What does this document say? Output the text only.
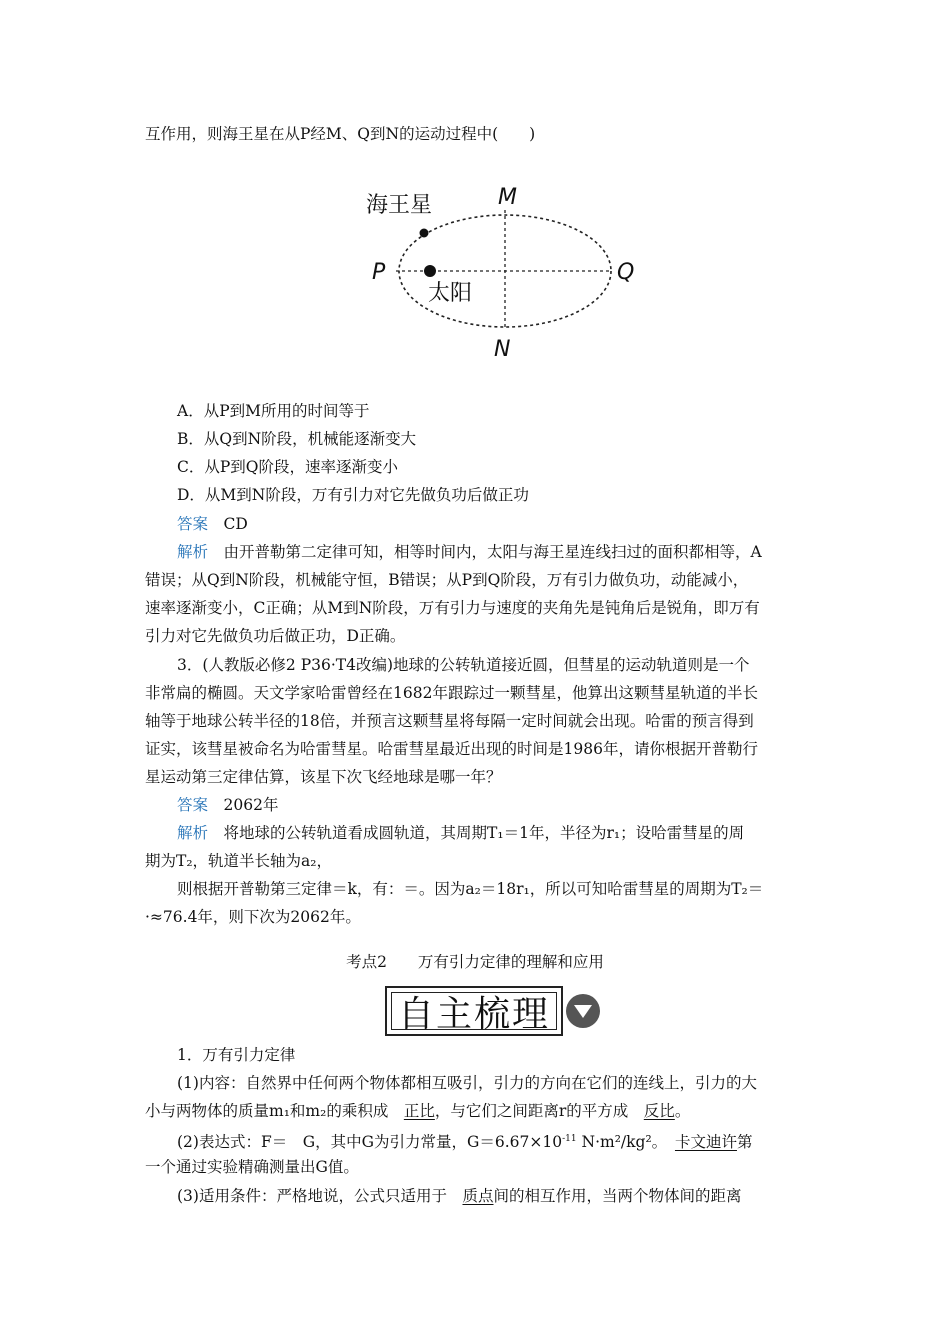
互作用，则海王星在从P经M、Q到N的运动过程中(　　)
海王星
太阳
M
N
P	Q
A．从P到M所用的时间等于
B．从Q到N阶段，机械能逐渐变大
C．从P到Q阶段，速率逐渐变小
D．从M到N阶段，万有引力对它先做负功后做正功
答案　 CD
解析　 由开普勒第二定律可知，相等时间内，太阳与海王星连线扫过的面积都相等，A
错误；从Q到N阶段，机械能守恒，B错误；从P到Q阶段，万有引力做负功，动能减小，
速率逐渐变小，C正确；从M到N阶段，万有引力与速度的夹角先是钝角后是锐角，即万有
引力对它先做负功后做正功，D正确。
3．(人教版必修2 P36·T4改编)地球的公转轨道接近圆，但彗星的运动轨道则是一个
非常扁的椭圆。天文学家哈雷曾经在1682年跟踪过一颗彗星，他算出这颗彗星轨道的半长
轴等于地球公转半径的18倍，并预言这颗彗星将每隔一定时间就会出现。哈雷的预言得到
证实，该彗星被命名为哈雷彗星。哈雷彗星最近出现的时间是1986年，请你根据开普勒行
星运动第三定律估算，该星下次飞经地球是哪一年？
答案　 2062年
解析　 将地球的公转轨道看成圆轨道，其周期T₁＝1年，半径为r₁；设哈雷彗星的周
期为T₂，轨道半长轴为a₂，
则根据开普勒第三定律＝k，有：＝。因为a₂＝18r₁，所以可知哈雷彗星的周期为T₂＝
·≈76.4年，则下次为2062年。
考点2　　万有引力定律的理解和应用
自主梳理
1．万有引力定律
(1)内容：自然界中任何两个物体都相互吸引，引力的方向在它们的连线上，引力的大
小与两物体的质量m₁和m₂的乘积成　 正比，与它们之间距离r的平方成　 反比。
(2)表达式：F＝　G，其中G为引力常量，$G=6.67\times 10^{-11}$ N·m²/kg²。　 卡文迪许第
一个通过实验精确测量出G值。
(3)适用条件：严格地说，公式只适用于　 质点间的相互作用，当两个物体间的距离
